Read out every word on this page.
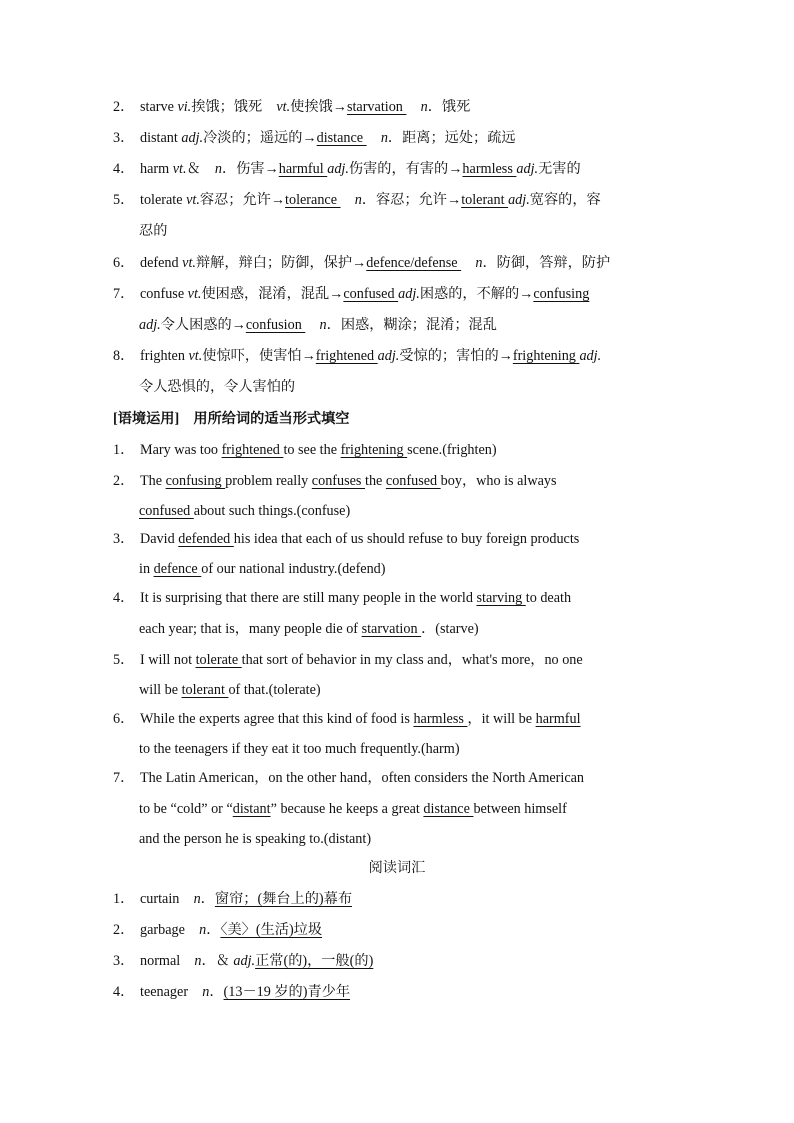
2． starve vi.挨饿；饿死　vt.使挨饿→starvation 　n．饿死
3． distant adj.冷淡的；遥远的→distance 　n．距离；远处；疏远
4． harm vt.＆　n．伤害→harmful adj.伤害的，有害的→harmless adj.无害的
5． tolerate vt.容忍；允许→tolerance 　n．容忍；允许→tolerant adj.宽容的，容
忍的
6． defend vt.辩解，辩白；防御，保护→defence/defense 　n．防御，答辩，防护
7． confuse vt.使困惑，混淆，混乱→confused adj.困惑的，不解的→confusing
adj.令人困惑的→confusion 　n．困惑，糊涂；混淆；混乱
8． frighten vt.使惊吓，使害怕→frightened adj.受惊的；害怕的→frightening adj.
令人恐惧的，令人害怕的
[语境运用]　用所给词的适当形式填空
1． Mary was too frightened to see the frightening scene.(frighten)
2． The confusing problem really confuses the confused boy，who is always
confused about such things.(confuse)
3． David defended his idea that each of us should refuse to buy foreign products
in defence of our national industry.(defend)
4． It is surprising that there are still many people in the world starving to death
each year; that is，many people die of starvation ．(starve)
5． I will not tolerate that sort of behavior in my class and，what's more，no one
will be tolerant of that.(tolerate)
6． While the experts agree that this kind of food is harmless ，it will be harmful
to the teenagers if they eat it too much frequently.(harm)
7． The Latin American，on the other hand，often considers the North American
to be “cold” or “distant” because he keeps a great distance between himself
and the person he is speaking to.(distant)
阅读词汇
1． curtain　n．窗帘；(舞台上的)幕布
2． garbage　n．〈美〉(生活)垃圾
3． normal　n．＆ adj.正常(的)，一般(的)
4． teenager　n．(13－19 岁的)青少年
